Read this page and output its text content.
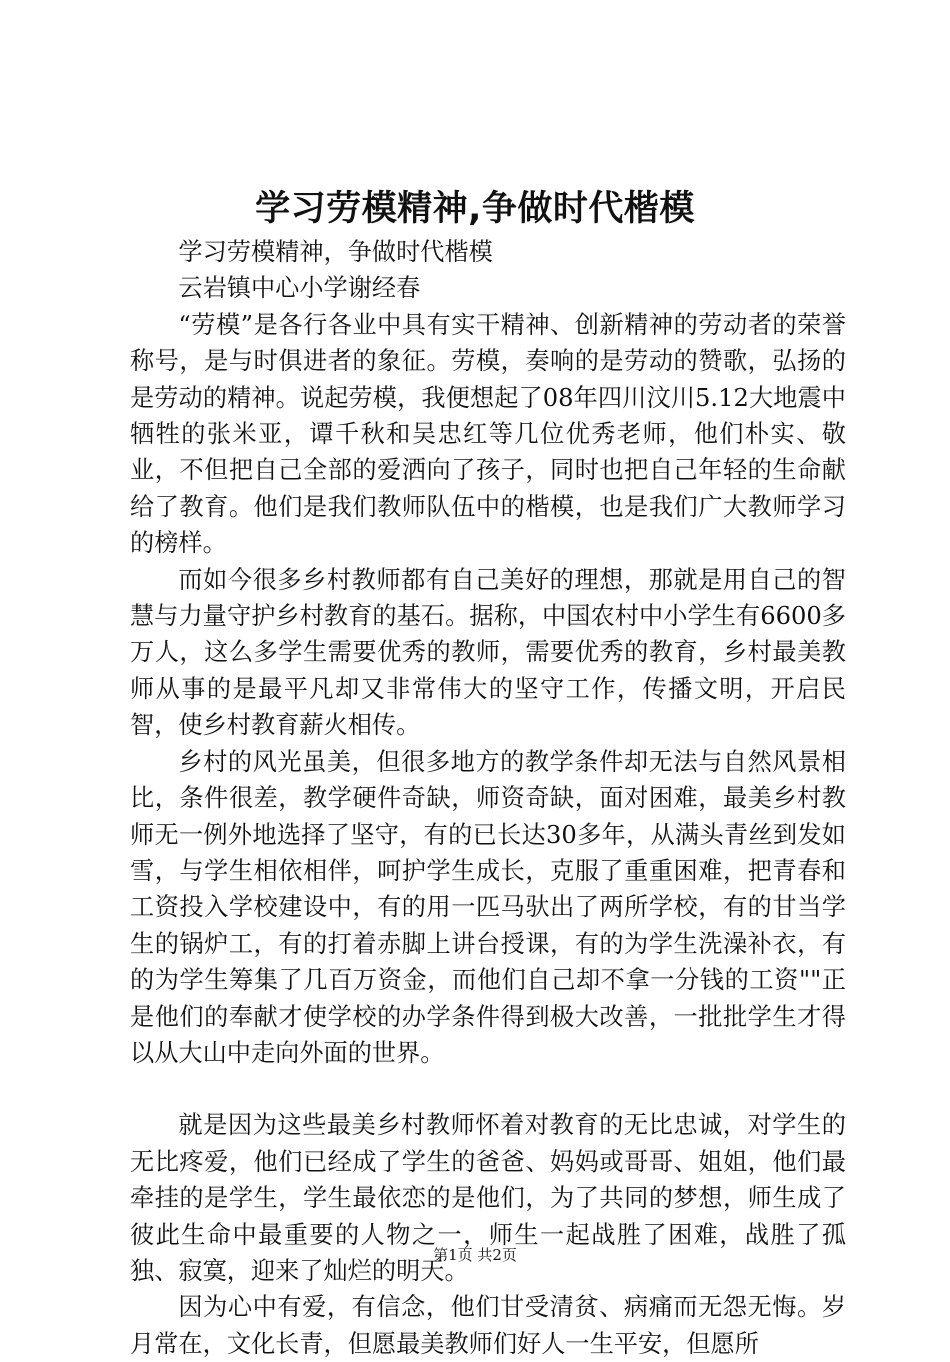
学习劳模精神,争做时代楷模

学习劳模精神，争做时代楷模

云岩镇中心小学谢经春

“劳模”是各行各业中具有实干精神、创新精神的劳动者的荣誉称号，是与时俱进者的象征。劳模，奏响的是劳动的赞歌，弘扬的是劳动的精神。说起劳模，我便想起了08年四川汶川5.12大地震中牺牲的张米亚，谭千秋和吴忠红等几位优秀老师，他们朴实、敬业，不但把自己全部的爱洒向了孩子，同时也把自己年轻的生命献给了教育。他们是我们教师队伍中的楷模，也是我们广大教师学习的榜样。

而如今很多乡村教师都有自己美好的理想，那就是用自己的智慧与力量守护乡村教育的基石。据称，中国农村中小学生有6600多万人，这么多学生需要优秀的教师，需要优秀的教育，乡村最美教师从事的是最平凡却又非常伟大的坚守工作，传播文明，开启民智，使乡村教育薪火相传。

乡村的风光虽美，但很多地方的教学条件却无法与自然风景相比，条件很差，教学硬件奇缺，师资奇缺，面对困难，最美乡村教师无一例外地选择了坚守，有的已长达30多年，从满头青丝到发如雪，与学生相依相伴，呵护学生成长，克服了重重困难，把青春和工资投入学校建设中，有的用一匹马驮出了两所学校，有的甘当学生的锅炉工，有的打着赤脚上讲台授课，有的为学生洗澡补衣，有的为学生筹集了几百万资金，而他们自己却不拿一分钱的工资""正是他们的奉献才使学校的办学条件得到极大改善，一批批学生才得以从大山中走向外面的世界。

就是因为这些最美乡村教师怀着对教育的无比忠诚，对学生的无比疼爱，他们已经成了学生的爸爸、妈妈或哥哥、姐姐，他们最牵挂的是学生，学生最依恋的是他们，为了共同的梦想，师生成了彼此生命中最重要的人物之一，师生一起战胜了困难，战胜了孤独、寂寞，迎来了灿烂的明天。

因为心中有爱，有信念，他们甘受清贫、病痛而无怨无悔。岁月常在，文化长青，但愿最美教师们好人一生平安，但愿所

第1页 共2页
